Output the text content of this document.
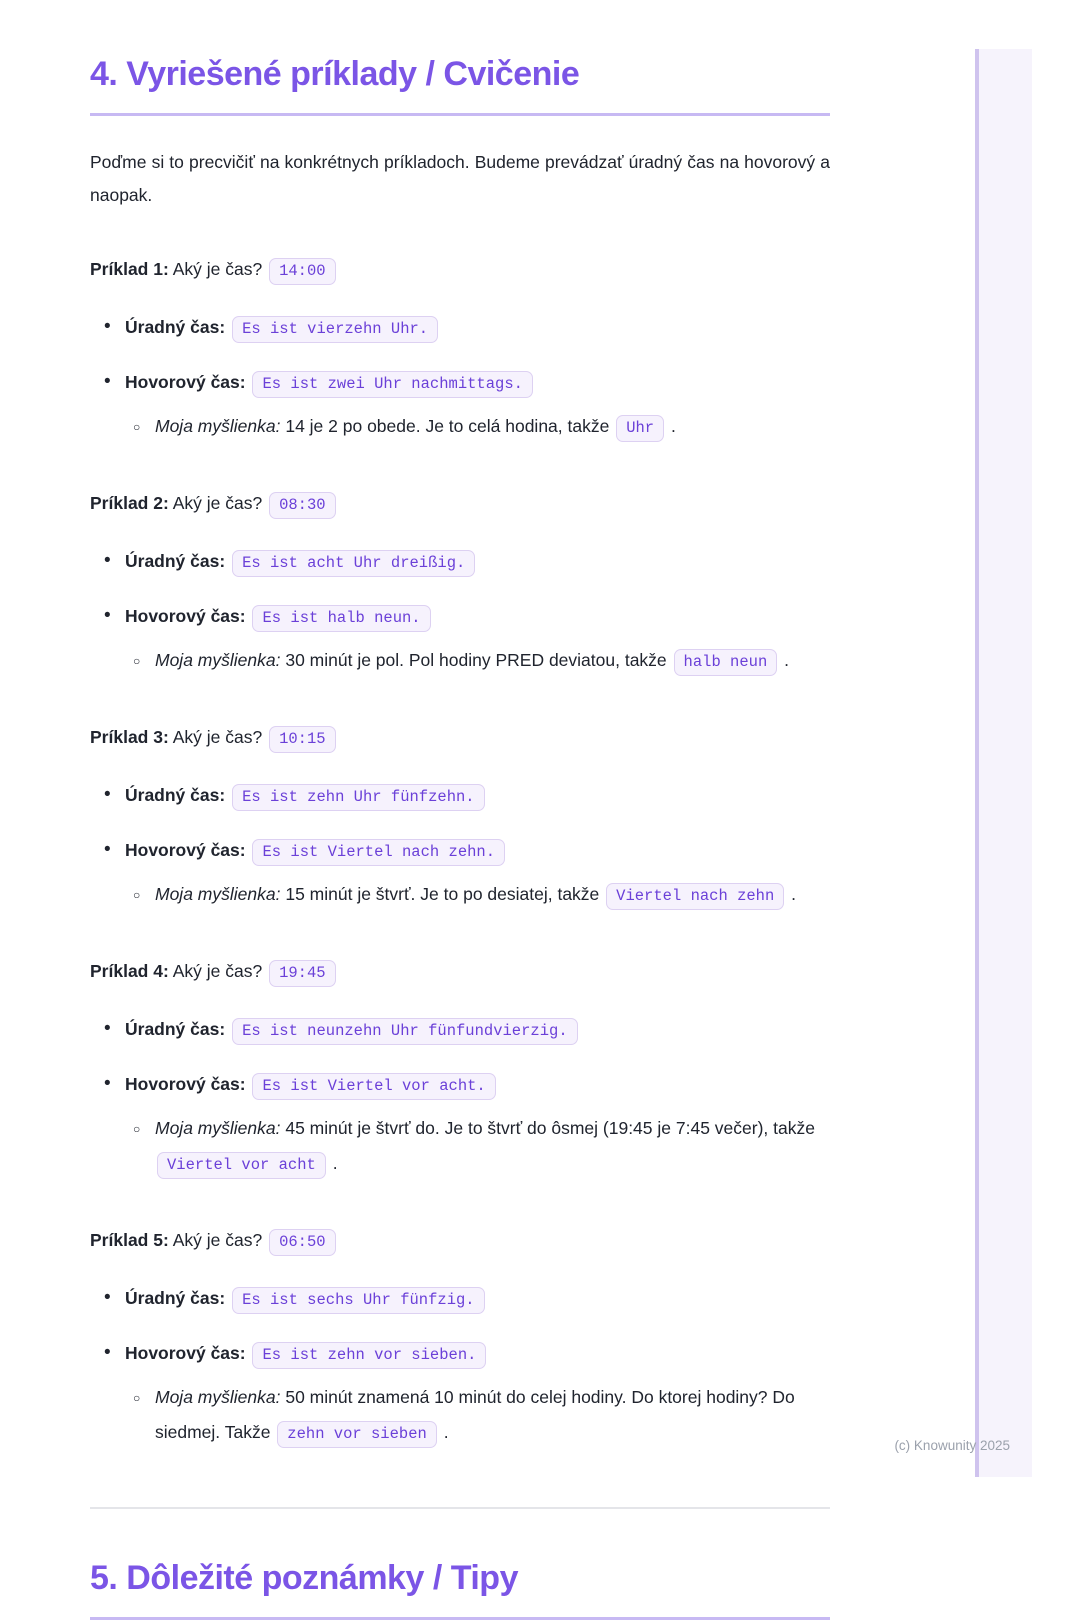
4. Vyriešené príklady / Cvičenie

Poďme si to precvičiť na konkrétnych príkladoch. Budeme prevádzať úradný čas na hovorový a naopak.

Príklad 1: Aký je čas? 14:00

• Úradný čas: Es ist vierzehn Uhr.
• Hovorový čas: Es ist zwei Uhr nachmittags.
○ Moja myšlienka: 14 je 2 po obede. Je to celá hodina, takže Uhr .

Príklad 2: Aký je čas? 08:30

• Úradný čas: Es ist acht Uhr dreißig.
• Hovorový čas: Es ist halb neun.
○ Moja myšlienka: 30 minút je pol. Pol hodiny PRED deviatou, takže halb neun .

Príklad 3: Aký je čas? 10:15

• Úradný čas: Es ist zehn Uhr fünfzehn.
• Hovorový čas: Es ist Viertel nach zehn.
○ Moja myšlienka: 15 minút je štvrť. Je to po desiatej, takže Viertel nach zehn .

Príklad 4: Aký je čas? 19:45

• Úradný čas: Es ist neunzehn Uhr fünfundvierzig.
• Hovorový čas: Es ist Viertel vor acht.
○ Moja myšlienka: 45 minút je štvrť do. Je to štvrť do ôsmej (19:45 je 7:45 večer), takže Viertel vor acht .

Príklad 5: Aký je čas? 06:50

• Úradný čas: Es ist sechs Uhr fünfzig.
• Hovorový čas: Es ist zehn vor sieben.
○ Moja myšlienka: 50 minút znamená 10 minút do celej hodiny. Do ktorej hodiny? Do siedmej. Takže zehn vor sieben .
5. Dôležité poznámky / Tipy
(c) Knowunity 2025
